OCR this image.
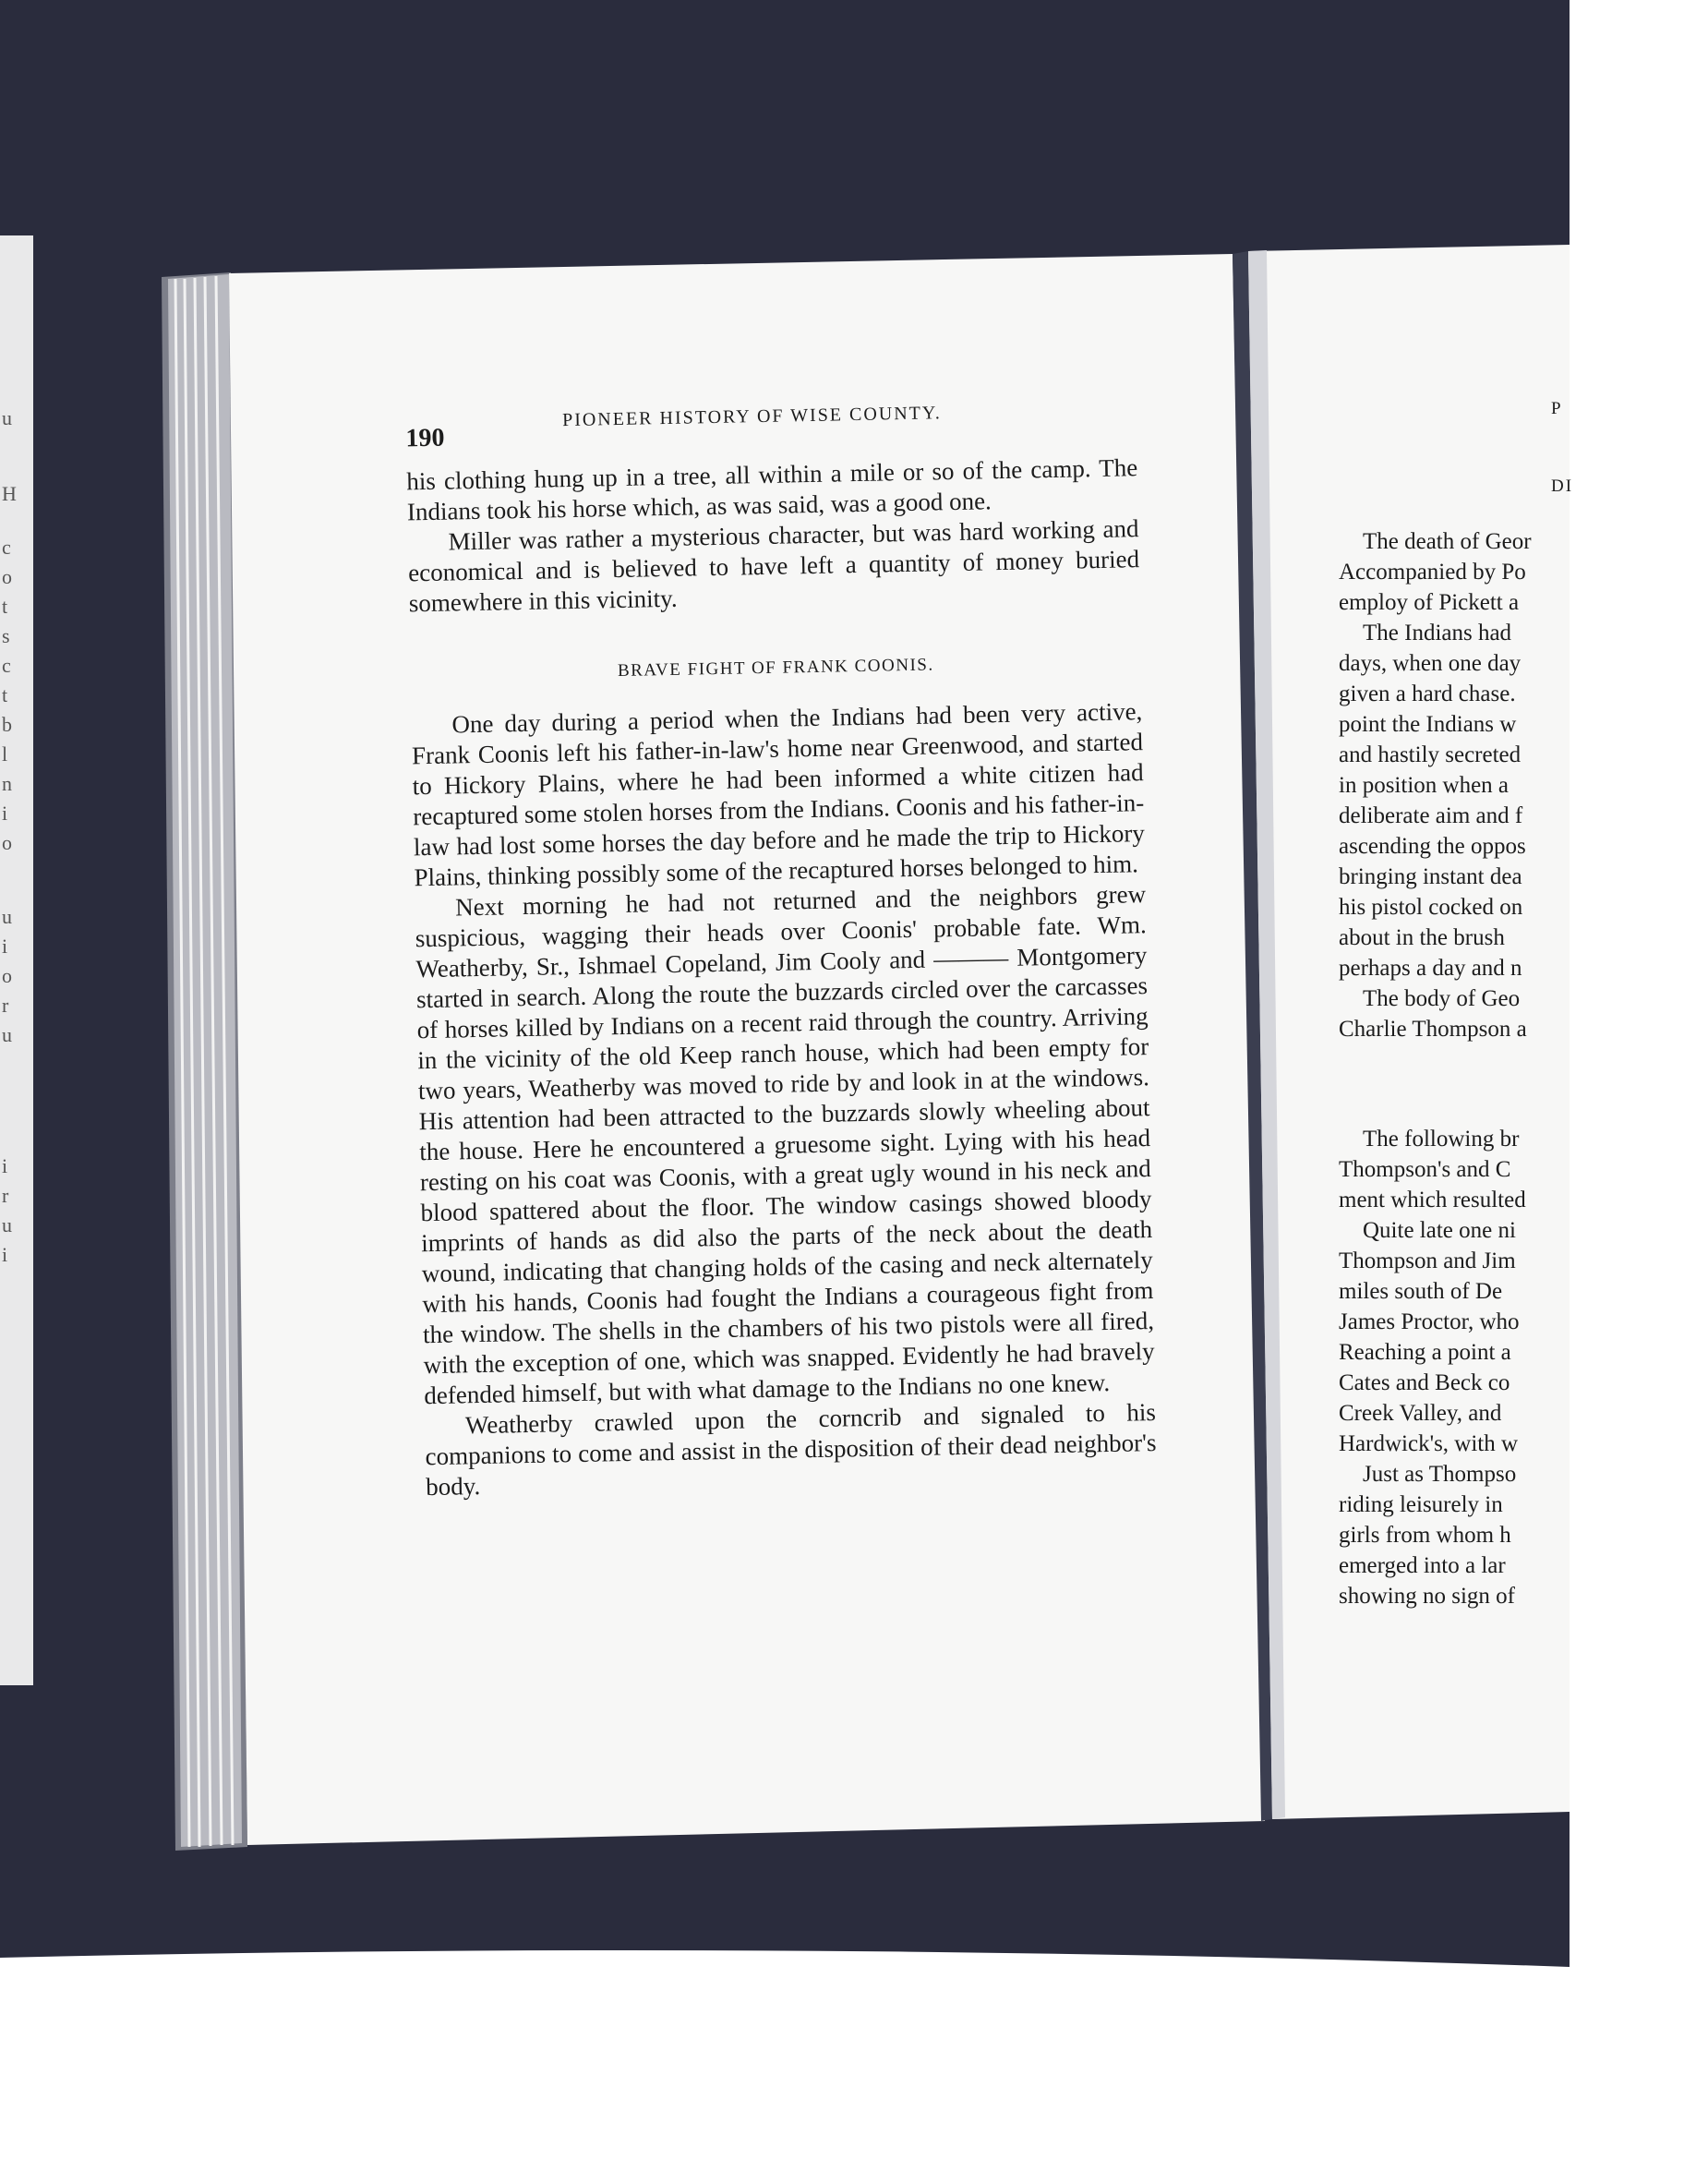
u
H
c
o
t
s
c
t
b
l
n
i
o
u
i
o
r
u
i
r
u
i
190
PIONEER HISTORY OF WISE COUNTY.

his clothing hung up in a tree, all within a mile or so of the camp. The Indians took his horse which, as was said, was a good one.

Miller was rather a mysterious character, but was hard working and economical and is believed to have left a quantity of money buried somewhere in this vicinity.

BRAVE FIGHT OF FRANK COONIS.

One day during a period when the Indians had been very active, Frank Coonis left his father-in-law's home near Greenwood, and started to Hickory Plains, where he had been informed a white citizen had recaptured some stolen horses from the Indians. Coonis and his father-in-law had lost some horses the day before and he made the trip to Hickory Plains, thinking possibly some of the recaptured horses belonged to him.

Next morning he had not returned and the neighbors grew suspicious, wagging their heads over Coonis' probable fate. Wm. Weatherby, Sr., Ishmael Copeland, Jim Cooly and ——— Montgomery started in search. Along the route the buzzards circled over the carcasses of horses killed by Indians on a recent raid through the country. Arriving in the vicinity of the old Keep ranch house, which had been empty for two years, Weatherby was moved to ride by and look in at the windows. His attention had been attracted to the buzzards slowly wheeling about the house. Here he encountered a gruesome sight. Lying with his head resting on his coat was Coonis, with a great ugly wound in his neck and blood spattered about the floor. The window casings showed bloody imprints of hands as did also the parts of the neck about the death wound, indicating that changing holds of the casing and neck alternately with his hands, Coonis had fought the Indians a courageous fight from the window. The shells in the chambers of his two pistols were all fired, with the exception of one, which was snapped. Evidently he had bravely defended himself, but with what damage to the Indians no one knew.

Weatherby crawled upon the corncrib and signaled to his companions to come and assist in the disposition of their dead neighbor's body.

P
DI
The death of Geor
Accompanied by Po
employ of Pickett a
The Indians had
days, when one day
given a hard chase.
point the Indians w
and hastily secreted
in position when a
deliberate aim and f
ascending the oppos
bringing instant dea
his pistol cocked on
about in the brush
perhaps a day and n
The body of Geo
Charlie Thompson a
The following br
Thompson's and C
ment which resulted
Quite late one ni
Thompson and Jim
miles south of De
James Proctor, who
Reaching a point a
Cates and Beck co
Creek Valley, and
Hardwick's, with w
Just as Thompso
riding leisurely in
girls from whom h
emerged into a lar
showing no sign of
